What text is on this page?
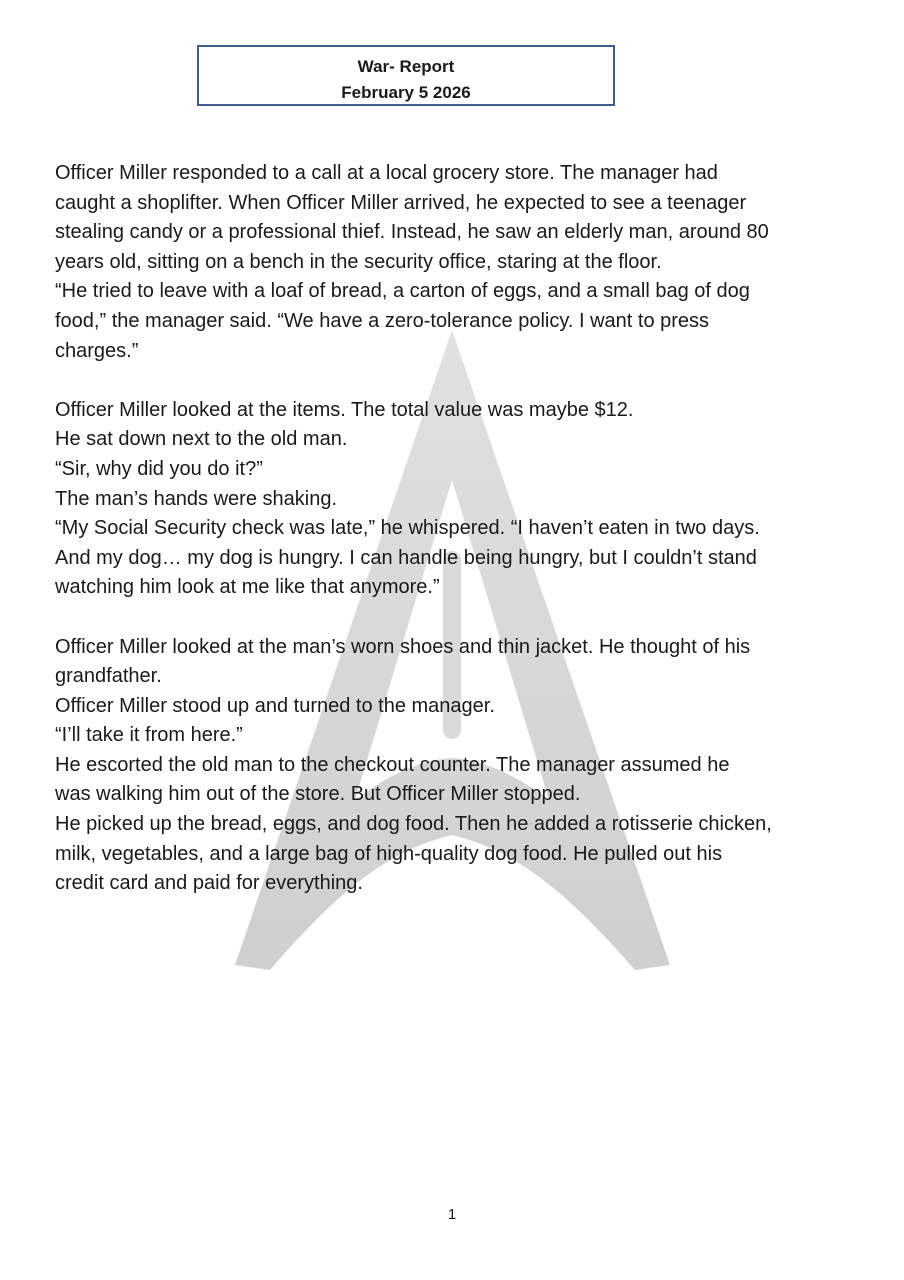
War- Report
February 5 2026
Officer Miller responded to a call at a local grocery store. The manager had
caught a shoplifter. When Officer Miller arrived, he expected to see a teenager
stealing candy or a professional thief. Instead, he saw an elderly man, around 80
years old, sitting on a bench in the security office, staring at the floor.
“He tried to leave with a loaf of bread, a carton of eggs, and a small bag of dog
food,” the manager said. “We have a zero-tolerance policy. I want to press
charges.”
Officer Miller looked at the items. The total value was maybe $12.
He sat down next to the old man.
“Sir, why did you do it?”
The man’s hands were shaking.
“My Social Security check was late,” he whispered. “I haven’t eaten in two days.
And my dog… my dog is hungry. I can handle being hungry, but I couldn’t stand
watching him look at me like that anymore.”
Officer Miller looked at the man’s worn shoes and thin jacket. He thought of his
grandfather.
Officer Miller stood up and turned to the manager.
“I’ll take it from here.”
He escorted the old man to the checkout counter. The manager assumed he
was walking him out of the store. But Officer Miller stopped.
He picked up the bread, eggs, and dog food. Then he added a rotisserie chicken,
milk, vegetables, and a large bag of high-quality dog food. He pulled out his
credit card and paid for everything.
1
